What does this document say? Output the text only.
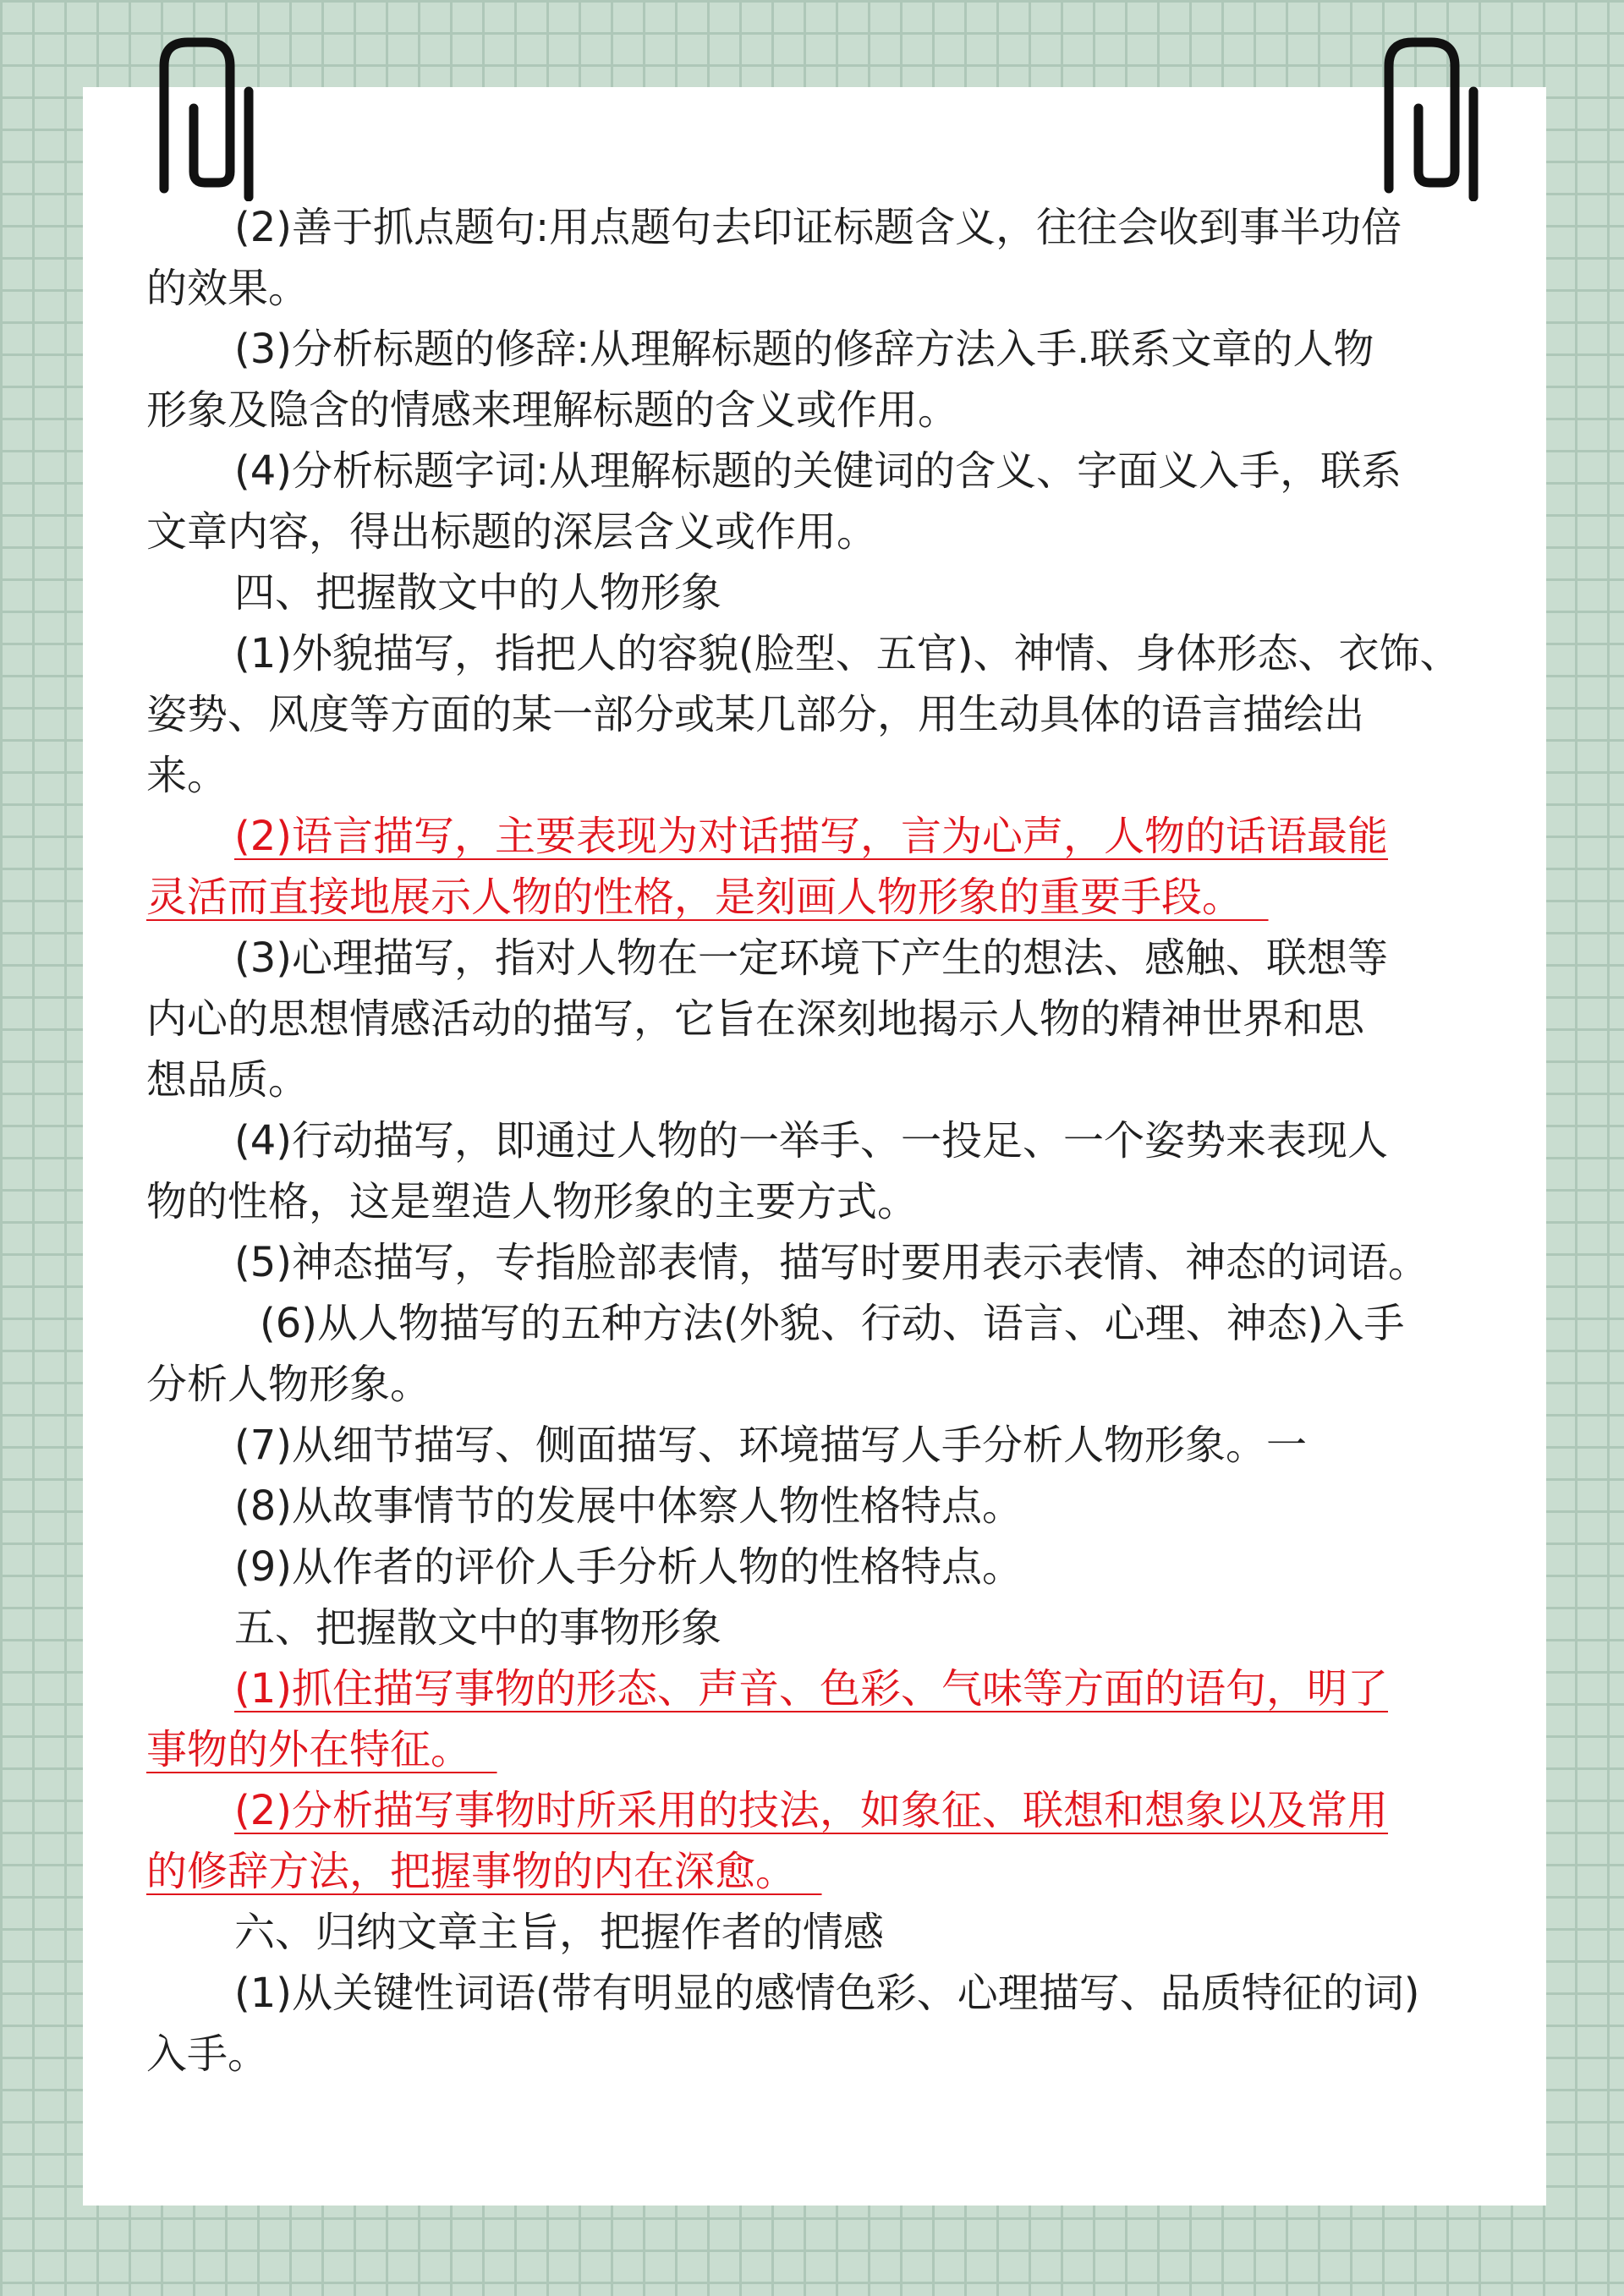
(2)善于抓点题句:用点题句去印证标题含义，往往会收到事半功倍
的效果。
(3)分析标题的修辞:从理解标题的修辞方法入手.联系文章的人物
形象及隐含的情感来理解标题的含义或作用。
(4)分析标题字词:从理解标题的关健词的含义、字面义入手，联系
文章内容，得出标题的深层含义或作用。
四、把握散文中的人物形象
(1)外貌描写，指把人的容貌(脸型、五官)、神情、身体形态、衣饰、
姿势、风度等方面的某一部分或某几部分，用生动具体的语言描绘出
来。
(2)语言描写，主要表现为对话描写，言为心声，人物的话语最能
灵活而直接地展示人物的性格，是刻画人物形象的重要手段。
(3)心理描写，指对人物在一定环境下产生的想法、感触、联想等
内心的思想情感活动的描写，它旨在深刻地揭示人物的精神世界和思
想品质。
(4)行动描写，即通过人物的一举手、一投足、一个姿势来表现人
物的性格，这是塑造人物形象的主要方式。
(5)神态描写，专指脸部表情，描写时要用表示表情、神态的词语。
(6)从人物描写的五种方法(外貌、行动、语言、心理、神态)入手
分析人物形象。
(7)从细节描写、侧面描写、环境描写人手分析人物形象。一
(8)从故事情节的发展中体察人物性格特点。
(9)从作者的评价人手分析人物的性格特点。
五、把握散文中的事物形象
(1)抓住描写事物的形态、声音、色彩、气味等方面的语句，明了
事物的外在特征。
(2)分析描写事物时所采用的技法，如象征、联想和想象以及常用
的修辞方法，把握事物的内在深愈。
六、归纳文章主旨，把握作者的情感
(1)从关键性词语(带有明显的感情色彩、心理描写、品质特征的词)
入手。
